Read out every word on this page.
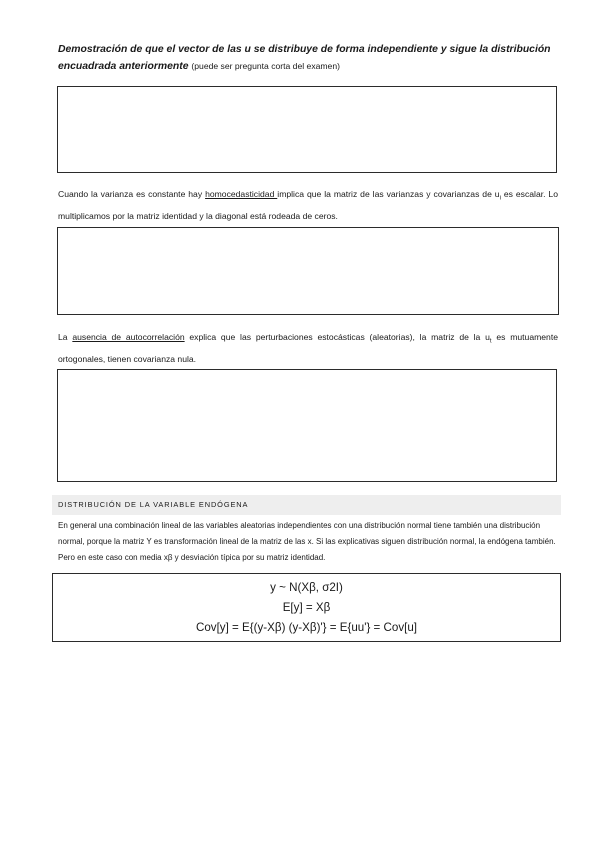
Demostración de que el vector de las u se distribuye de forma independiente y sigue la distribución encuadrada anteriormente (puede ser pregunta corta del examen)
Cuando la varianza es constante hay homocedasticidad implica que la matriz de las varianzas y covarianzas de $u_i$ es escalar. Lo multiplicamos por la matriz identidad y la diagonal está rodeada de ceros.
La ausencia de autocorrelación explica que las perturbaciones estocásticas (aleatorias), la matriz de la $u_t$ es mutuamente ortogonales, tienen covarianza nula.
DISTRIBUCIÓN DE LA VARIABLE ENDÓGENA
En general una combinación lineal de las variables aleatorias independientes con una distribución normal tiene también una distribución normal, porque la matriz Y es transformación lineal de la matriz de las x. Si las explicativas siguen distribución normal, la endógena también. Pero en este caso con media xβ y desviación típica por su matriz identidad.
y ~ N(Xβ, σ2I)
E[y] = Xβ
Cov[y] = E{(y-Xβ) (y-Xβ)'} = E{uu'} = Cov[u]
